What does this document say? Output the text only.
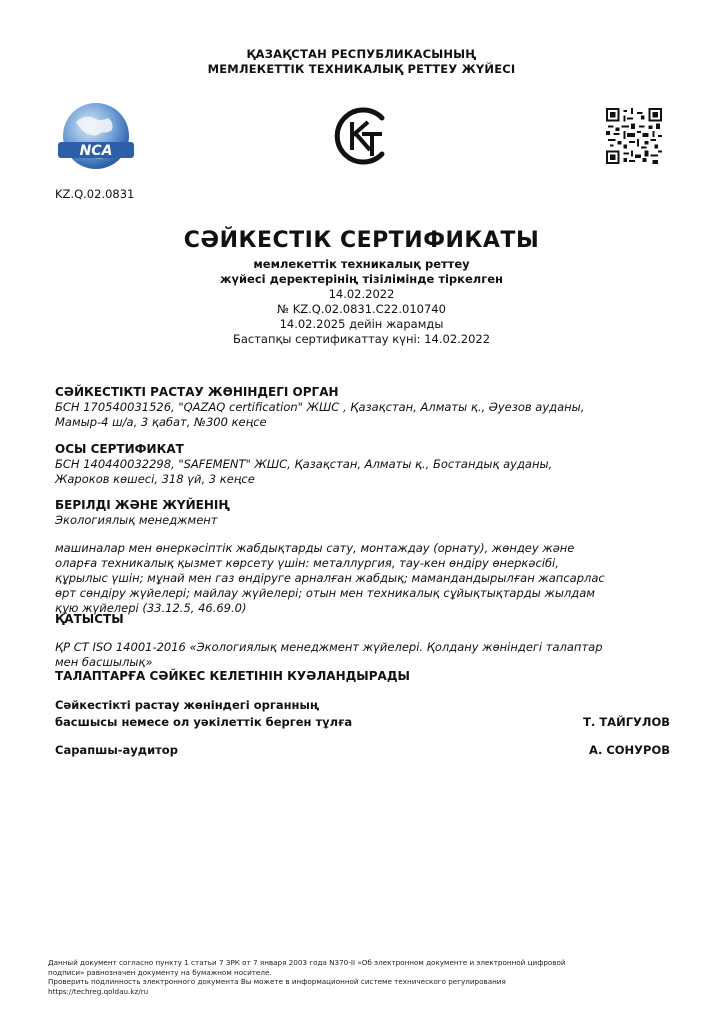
ҚАЗАҚСТАН РЕСПУБЛИКАСЫНЫҢ
МЕМЛЕКЕТТІК ТЕХНИКАЛЫҚ РЕТТЕУ ЖҮЙЕСІ
NCA
KZ.Q.02.0831
СӘЙКЕСТІК СЕРТИФИКАТЫ
мемлекеттік техникалық реттеу
жүйесі деректерінің тізілімінде тіркелген
14.02.2022
№ KZ.Q.02.0831.C22.010740
14.02.2025 дейін жарамды
Бастапқы сертификаттау күні: 14.02.2022
СӘЙКЕСТІКТІ РАСТАУ ЖӨНІНДЕГІ ОРГАН
БСН 170540031526, "QAZAQ certification" ЖШС , Қазақстан, Алматы қ., Әуезов ауданы,
Мамыр-4 ш/а, 3 қабат, №300 кеңсе
ОСЫ СЕРТИФИКАТ
БСН 140440032298, "SAFEMENT" ЖШС, Қазақстан, Алматы қ., Бостандық ауданы,
Жароков көшесі, 318 үй, 3 кеңсе
БЕРІЛДІ ЖӘНЕ ЖҮЙЕНІҢ
Экологиялық менеджмент
машиналар мен өнеркәсіптік жабдықтарды сату, монтаждау (орнату), жөндеу және
оларға техникалық қызмет көрсету үшін: металлургия, тау-кен өндіру өнеркәсібі,
құрылыс үшін; мұнай мен газ өндіруге арналған жабдық; мамандандырылған жапсарлас
өрт сөндіру жүйелері; майлау жүйелері; отын мен техникалық сұйықтықтарды жылдам
құю жүйелері (33.12.5, 46.69.0)
ҚАТЫСТЫ
ҚР СТ ISO 14001-2016 «Экологиялық менеджмент жүйелері. Қолдану жөніндегі талаптар
мен басшылық»
ТАЛАПТАРҒА СӘЙКЕС КЕЛЕТІНІН КУӘЛАНДЫРАДЫ
Сәйкестікті растау жөніндегі органның
басшысы немесе ол уәкілеттік берген тұлға	Т. ТАЙГУЛОВ
Сарапшы-аудитор	А. СОНУРОВ
Данный документ согласно пункту 1 статьи 7 ЗРК от 7 января 2003 года N370-II «Об электронном документе и электронной цифровой
подписи» равнозначен документу на бумажном носителе.
Проверить подлинность электронного документа Вы можете в информационной системе технического регулирования
https://techreg.qoldau.kz/ru
